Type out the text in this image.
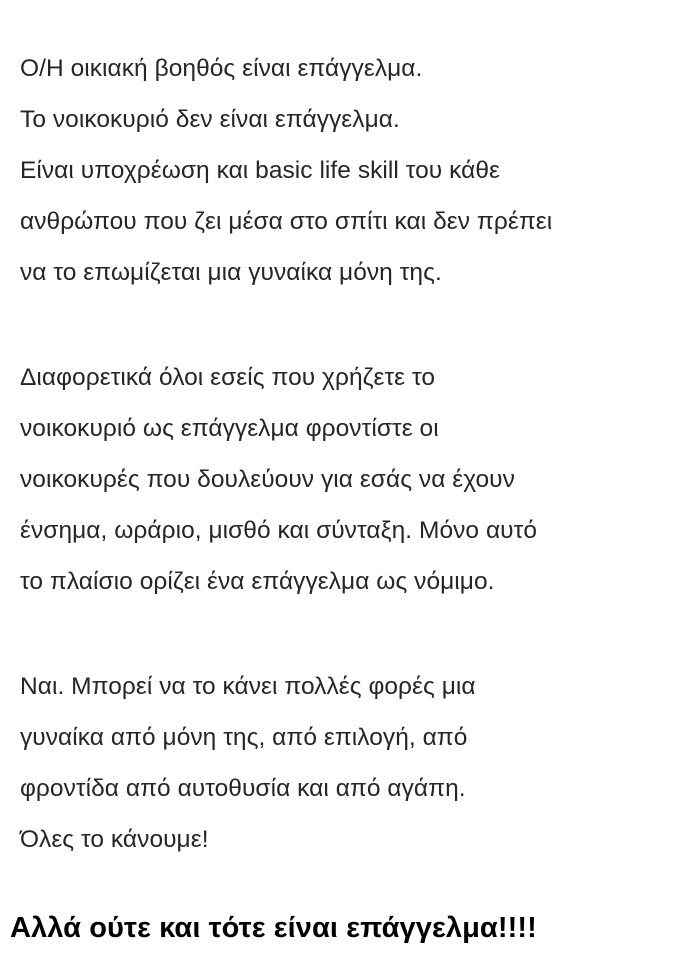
Ο/Η οικιακή βοηθός είναι επάγγελμα.
Το νοικοκυριό δεν είναι επάγγελμα.
Είναι υποχρέωση και basic life skill του κάθε
ανθρώπου που ζει μέσα στο σπίτι και δεν πρέπει
να το επωμίζεται μια γυναίκα μόνη της.
Διαφορετικά όλοι εσείς που χρήζετε το
νοικοκυριό ως επάγγελμα φροντίστε οι
νοικοκυρές που δουλεύουν για εσάς να έχουν
ένσημα, ωράριο, μισθό και σύνταξη. Μόνο αυτό
το πλαίσιο ορίζει ένα επάγγελμα ως νόμιμο.
Ναι. Μπορεί να το κάνει πολλές φορές μια
γυναίκα από μόνη της, από επιλογή, από
φροντίδα από αυτοθυσία και από αγάπη.
Όλες το κάνουμε!
Αλλά ούτε και τότε είναι επάγγελμα!!!!
